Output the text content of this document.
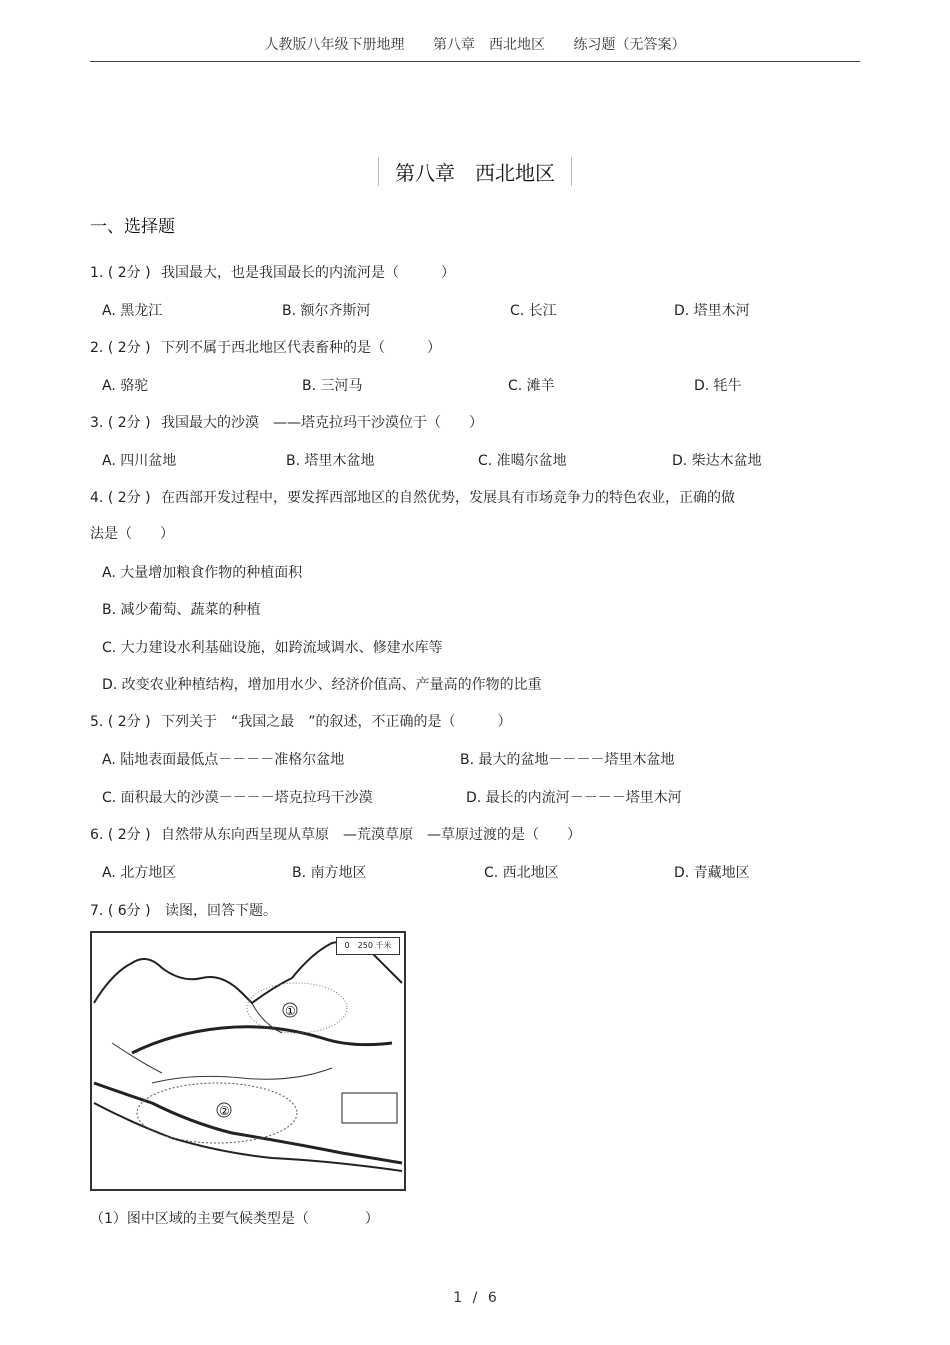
人教版八年级下册地理 第八章　西北地区 练习题（无答案）
第八章 西北地区
一、选择题
1. ( 2分 ) 我国最大，也是我国最长的内流河是（　　　）
A. 黑龙江	B. 额尔齐斯河	C. 长江	D. 塔里木河
2. ( 2分 ) 下列不属于西北地区代表畜种的是（　　　）
A. 骆驼	B. 三河马	C. 滩羊	D. 牦牛
3. ( 2分 ) 我国最大的沙漠　——塔克拉玛干沙漠位于（　　）
A. 四川盆地	B. 塔里木盆地	C. 准噶尔盆地	D. 柴达木盆地
4. ( 2分 ) 在西部开发过程中，要发挥西部地区的自然优势，发展具有市场竞争力的特色农业，正确的做
法是（　　）
A. 大量增加粮食作物的种植面积
B. 减少葡萄、蔬菜的种植
C. 大力建设水利基础设施，如跨流域调水、修建水库等
D. 改变农业种植结构，增加用水少、经济价值高、产量高的作物的比重
5. ( 2分 ) 下列关于　“我国之最　”的叙述，不正确的是（　　　）
A. 陆地表面最低点－－－－准格尔盆地	B. 最大的盆地－－－－塔里木盆地
C. 面积最大的沙漠－－－－塔克拉玛干沙漠	D. 最长的内流河－－－－塔里木河
6. ( 2分 ) 自然带从东向西呈现从草原　—荒漠草原　—草原过渡的是（　　）
A. 北方地区	B. 南方地区	C. 西北地区	D. 青藏地区
7. ( 6分 ) 读图，回答下题。
0　250 千米
①
②
（1）图中区域的主要气候类型是（　　　　）
1 / 6
